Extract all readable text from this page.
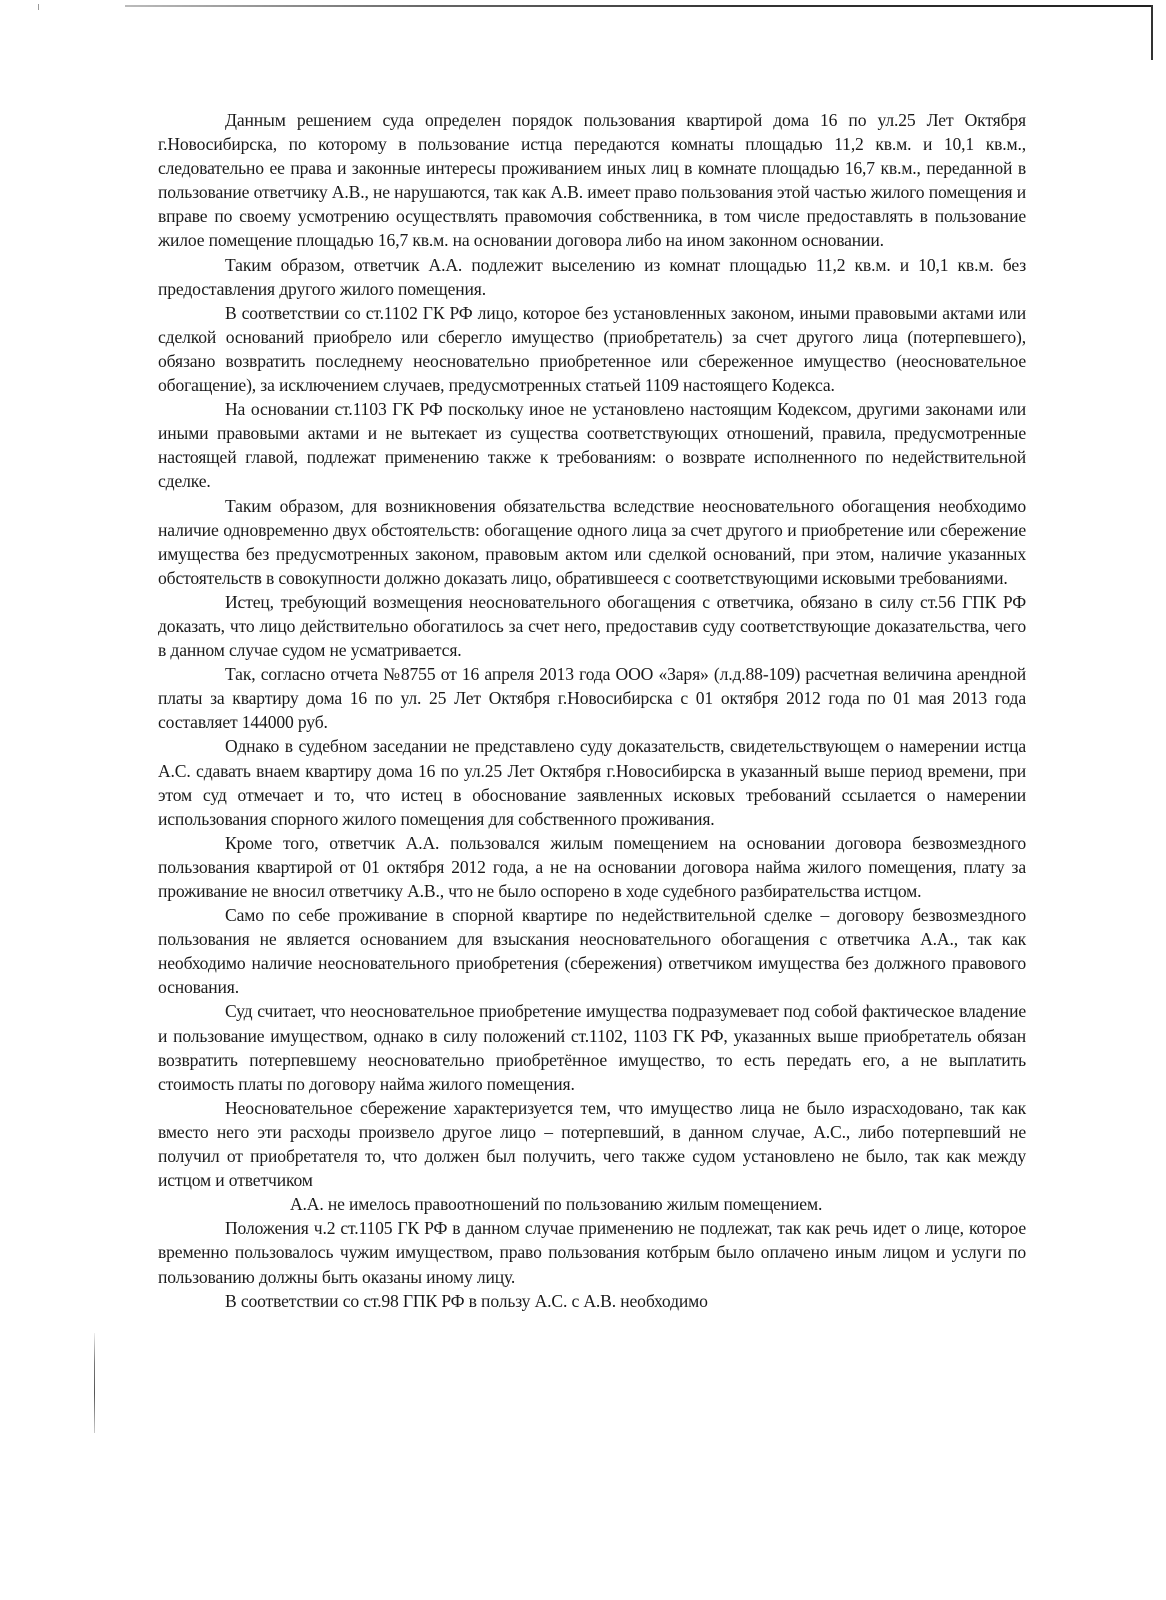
Данным решением суда определен порядок пользования квартирой дома 16 по ул.25 Лет Октября г.Новосибирска, по которому в пользование истца передаются комнаты площадью 11,2 кв.м. и 10,1 кв.м., следовательно ее права и законные интересы проживанием иных лиц в комнате площадью 16,7 кв.м., переданной в пользование ответчику А.В., не нарушаются, так как А.В. имеет право пользования этой частью жилого помещения и вправе по своему усмотрению осуществлять правомочия собственника, в том числе предоставлять в пользование жилое помещение площадью 16,7 кв.м. на основании договора либо на ином законном основании.

Таким образом, ответчик А.А. подлежит выселению из комнат площадью 11,2 кв.м. и 10,1 кв.м. без предоставления другого жилого помещения.

В соответствии со ст.1102 ГК РФ лицо, которое без установленных законом, иными правовыми актами или сделкой оснований приобрело или сберегло имущество (приобретатель) за счет другого лица (потерпевшего), обязано возвратить последнему неосновательно приобретенное или сбереженное имущество (неосновательное обогащение), за исключением случаев, предусмотренных статьей 1109 настоящего Кодекса.

На основании ст.1103 ГК РФ поскольку иное не установлено настоящим Кодексом, другими законами или иными правовыми актами и не вытекает из существа соответствующих отношений, правила, предусмотренные настоящей главой, подлежат применению также к требованиям: о возврате исполненного по недействительной сделке.

Таким образом, для возникновения обязательства вследствие неосновательного обогащения необходимо наличие одновременно двух обстоятельств: обогащение одного лица за счет другого и приобретение или сбережение имущества без предусмотренных законом, правовым актом или сделкой оснований, при этом, наличие указанных обстоятельств в совокупности должно доказать лицо, обратившееся с соответствующими исковыми требованиями.

Истец, требующий возмещения неосновательного обогащения с ответчика, обязано в силу ст.56 ГПК РФ доказать, что лицо действительно обогатилось за счет него, предоставив суду соответствующие доказательства, чего в данном случае судом не усматривается.

Так, согласно отчета №8755 от 16 апреля 2013 года ООО «Заря» (л.д.88-109) расчетная величина арендной платы за квартиру дома 16 по ул. 25 Лет Октября г.Новосибирска с 01 октября 2012 года по 01 мая 2013 года составляет 144000 руб.

Однако в судебном заседании не представлено суду доказательств, свидетельствующем о намерении истца А.С. сдавать внаем квартиру дома 16 по ул.25 Лет Октября г.Новосибирска в указанный выше период времени, при этом суд отмечает и то, что истец в обоснование заявленных исковых требований ссылается о намерении использования спорного жилого помещения для собственного проживания.

Кроме того, ответчик А.А. пользовался жилым помещением на основании договора безвозмездного пользования квартирой от 01 октября 2012 года, а не на основании договора найма жилого помещения, плату за проживание не вносил ответчику А.В., что не было оспорено в ходе судебного разбирательства истцом.

Само по себе проживание в спорной квартире по недействительной сделке – договору безвозмездного пользования не является основанием для взыскания неосновательного обогащения с ответчика А.А., так как необходимо наличие неосновательного приобретения (сбережения) ответчиком имущества без должного правового основания.

Суд считает, что неосновательное приобретение имущества подразумевает под собой фактическое владение и пользование имуществом, однако в силу положений ст.1102, 1103 ГК РФ, указанных выше приобретатель обязан возвратить потерпевшему неосновательно приобретённое имущество, то есть передать его, а не выплатить стоимость платы по договору найма жилого помещения.

Неосновательное сбережение характеризуется тем, что имущество лица не было израсходовано, так как вместо него эти расходы произвело другое лицо – потерпевший, в данном случае, А.С., либо потерпевший не получил от приобретателя то, что должен был получить, чего также судом установлено не было, так как между истцом и ответчиком

А.А. не имелось правоотношений по пользованию жилым помещением.

Положения ч.2 ст.1105 ГК РФ в данном случае применению не подлежат, так как речь идет о лице, которое временно пользовалось чужим имуществом, право пользования котбрым было оплачено иным лицом и услуги по пользованию должны быть оказаны иному лицу.

В соответствии со ст.98 ГПК РФ в пользу А.С. с А.В. необходимо
